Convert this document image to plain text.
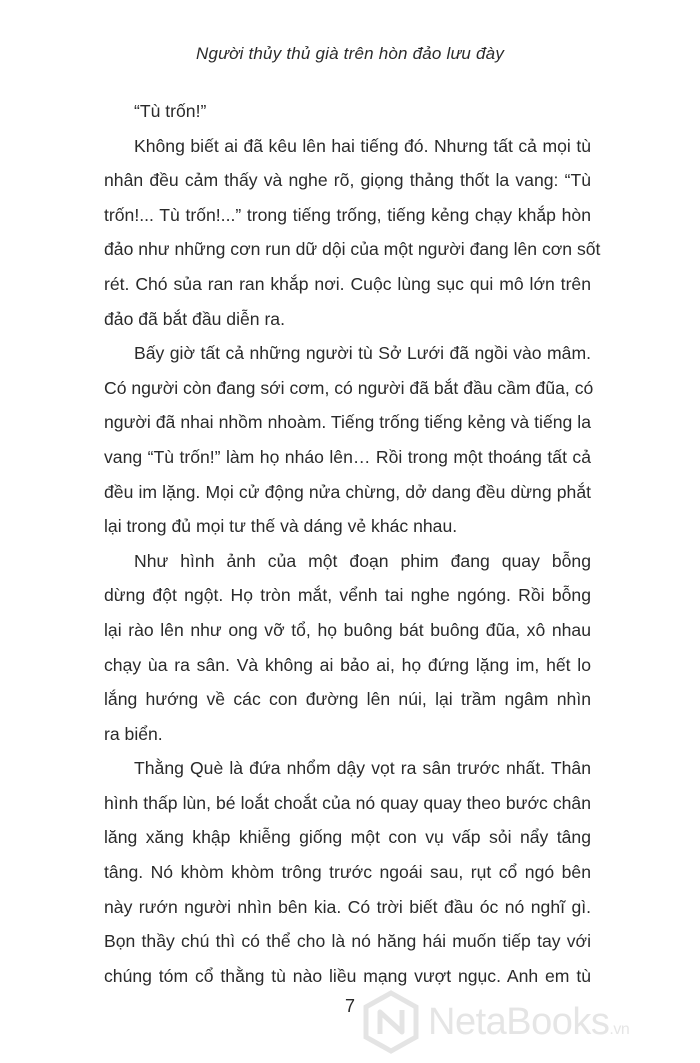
Người thủy thủ già trên hòn đảo lưu đày
“Tù trốn!”
Không biết ai đã kêu lên hai tiếng đó. Nhưng tất cả mọi tù
nhân đều cảm thấy và nghe rõ, giọng thảng thốt la vang: “Tù
trốn!... Tù trốn!...” trong tiếng trống, tiếng kẻng chạy khắp hòn
đảo như những cơn run dữ dội của một người đang lên cơn sốt
rét. Chó sủa ran ran khắp nơi. Cuộc lùng sục qui mô lớn trên
đảo đã bắt đầu diễn ra.
Bấy giờ tất cả những người tù Sở Lưới đã ngồi vào mâm.
Có người còn đang sới cơm, có người đã bắt đầu cầm đũa, có
người đã nhai nhồm nhoàm. Tiếng trống tiếng kẻng và tiếng la
vang “Tù trốn!” làm họ nháo lên… Rồi trong một thoáng tất cả
đều im lặng. Mọi cử động nửa chừng, dở dang đều dừng phắt
lại trong đủ mọi tư thế và dáng vẻ khác nhau.
Như hình ảnh của một đoạn phim đang quay bỗng
dừng đột ngột. Họ tròn mắt, vểnh tai nghe ngóng. Rồi bỗng
lại rào lên như ong vỡ tổ, họ buông bát buông đũa, xô nhau
chạy ùa ra sân. Và không ai bảo ai, họ đứng lặng im, hết lo
lắng hướng về các con đường lên núi, lại trầm ngâm nhìn
ra biển.
Thằng Què là đứa nhổm dậy vọt ra sân trước nhất. Thân
hình thấp lùn, bé loắt choắt của nó quay quay theo bước chân
lăng xăng khập khiễng giống một con vụ vấp sỏi nẩy tâng
tâng. Nó khòm khòm trông trước ngoái sau, rụt cổ ngó bên
này rướn người nhìn bên kia. Có trời biết đầu óc nó nghĩ gì.
Bọn thầy chú thì có thể cho là nó hăng hái muốn tiếp tay với
chúng tóm cổ thằng tù nào liều mạng vượt ngục. Anh em tù
7	NetaBooks.vn
